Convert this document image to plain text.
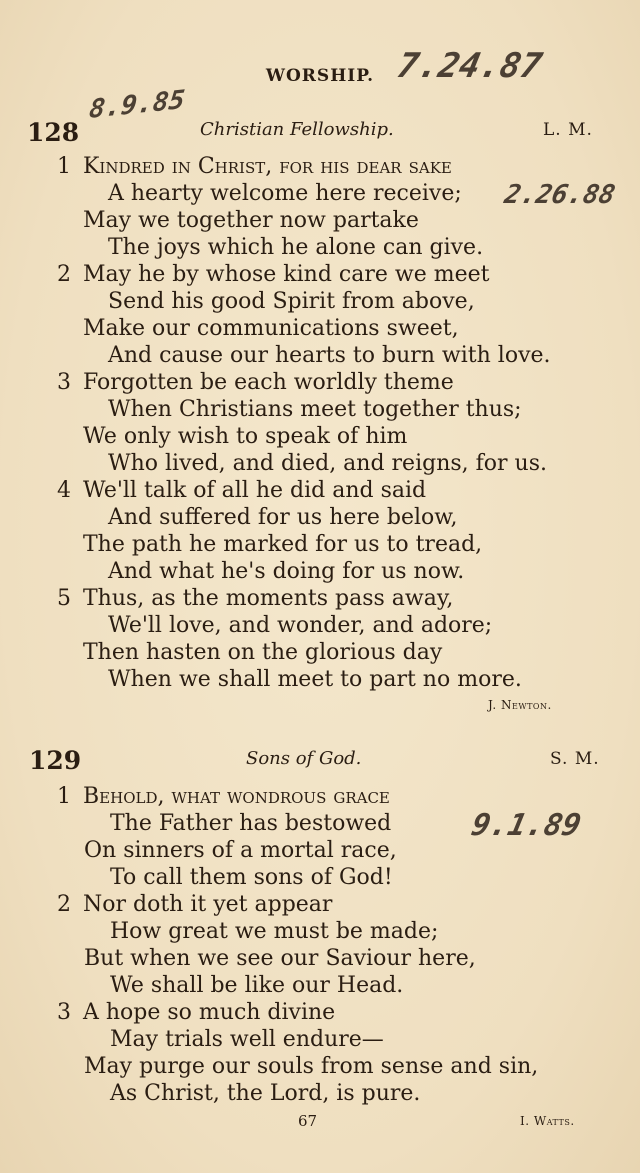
WORSHIP. 7.24.87
8.9.85
128	Christian Fellowship.	L. M.
2.26.88
1 Kindred in Christ, for his dear sake
A hearty welcome here receive;
May we together now partake
The joys which he alone can give.
2 May he by whose kind care we meet
Send his good Spirit from above,
Make our communications sweet,
And cause our hearts to burn with love.
3 Forgotten be each worldly theme
When Christians meet together thus;
We only wish to speak of him
Who lived, and died, and reigns, for us.
4 We'll talk of all he did and said
And suffered for us here below,
The path he marked for us to tread,
And what he's doing for us now.
5 Thus, as the moments pass away,
We'll love, and wonder, and adore;
Then hasten on the glorious day
When we shall meet to part no more.
J. Newton.
129	Sons of God.	S. M.
9.1.89
1 Behold, what wondrous grace
The Father has bestowed
On sinners of a mortal race,
To call them sons of God!
2 Nor doth it yet appear
How great we must be made;
But when we see our Saviour here,
We shall be like our Head.
3 A hope so much divine
May trials well endure—
May purge our souls from sense and sin,
As Christ, the Lord, is pure.
67	I. Watts.
